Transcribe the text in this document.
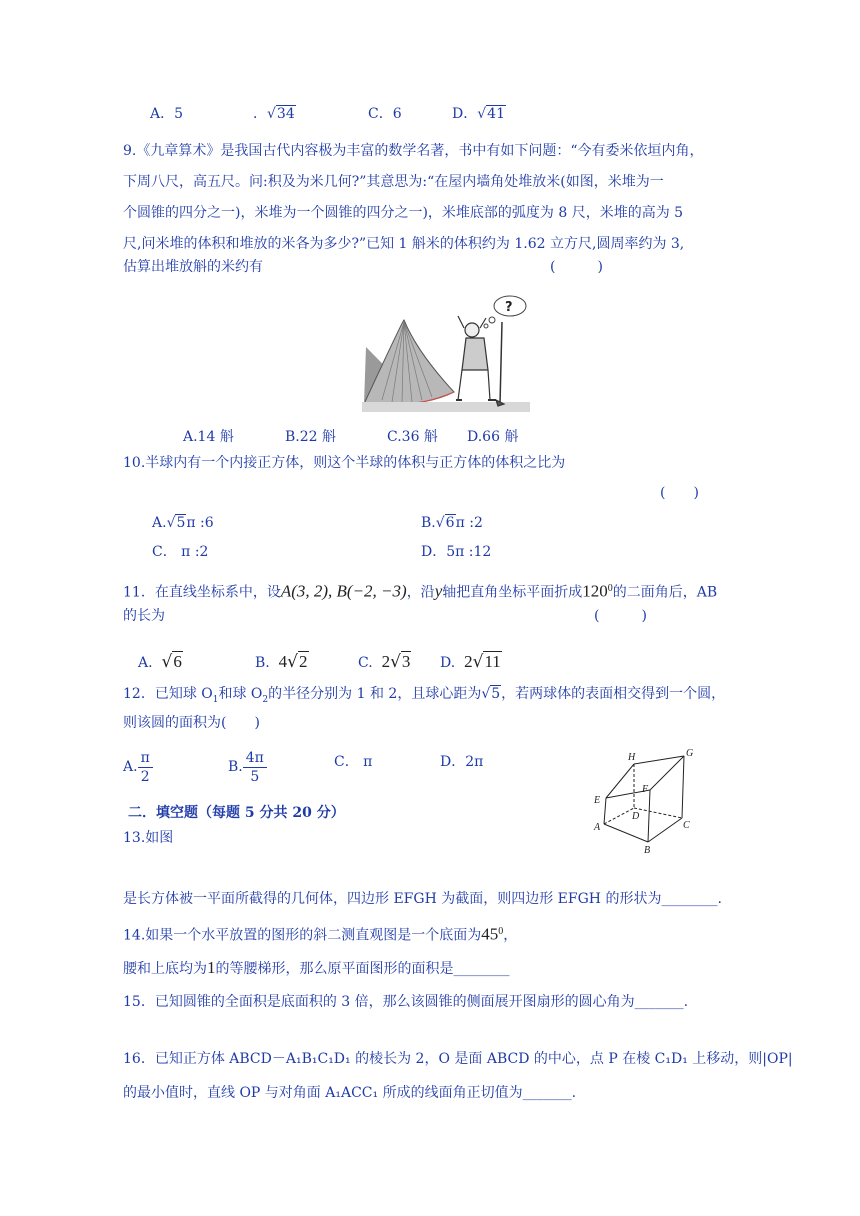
A．5	．√34	C．6	D．√41
9.《九章算术》是我国古代内容极为丰富的数学名著，书中有如下问题：“今有委米依垣内角，
下周八尺，高五尺。问:积及为米几何?”其意思为:“在屋内墙角处堆放米(如图，米堆为一
个圆锥的四分之一)，米堆为一个圆锥的四分之一)，米堆底部的弧度为 8 尺，米堆的高为 5
尺,问米堆的体积和堆放的米各为多少?”已知 1 斛米的体积约为 1.62 立方尺,圆周率约为 3,
估算出堆放斛的米约有	(　　　)
?
A.14 斛	B.22 斛	C.36 斛 D.66 斛
10.半球内有一个内接正方体，则这个半球的体积与正方体的体积之比为
(　　)
A.√5π :6	B.√6π :2
C． π :2	D．5π :12
11．在直线坐标系中，设A(3, 2), B(−2, −3)，沿y轴把直角坐标平面折成$120^0$的二面角后，AB
的长为	(　　　)
A. √6	B. 4√2	C. 2√3 D. 2√11
12．已知球 $O_1$和球 $O_2$的半径分别为 1 和 2，且球心距为√5，若两球体的表面相交得到一个圆，
则该圆的面积为(　　)
A. $\frac{\pi}{2}$	B. $\frac{4\pi}{5}$	C． π	D．2π
二．填空题（每题 5 分共 20 分）
H	G
E
F
D
A	C
B
13.如图
是长方体被一平面所截得的几何体，四边形 EFGH 为截面，则四边形 EFGH 的形状为________.
14.如果一个水平放置的图形的斜二测直观图是一个底面为$45^0$，
腰和上底均为1的等腰梯形，那么原平面图形的面积是________
15．已知圆锥的全面积是底面积的 3 倍，那么该圆锥的侧面展开图扇形的圆心角为_______.
16．已知正方体 ABCD－A₁B₁C₁D₁ 的棱长为 2，O 是面 ABCD 的中心，点 P 在棱 C₁D₁ 上移动，则|OP|
的最小值时，直线 OP 与对角面 A₁ACC₁ 所成的线面角正切值为_______.
